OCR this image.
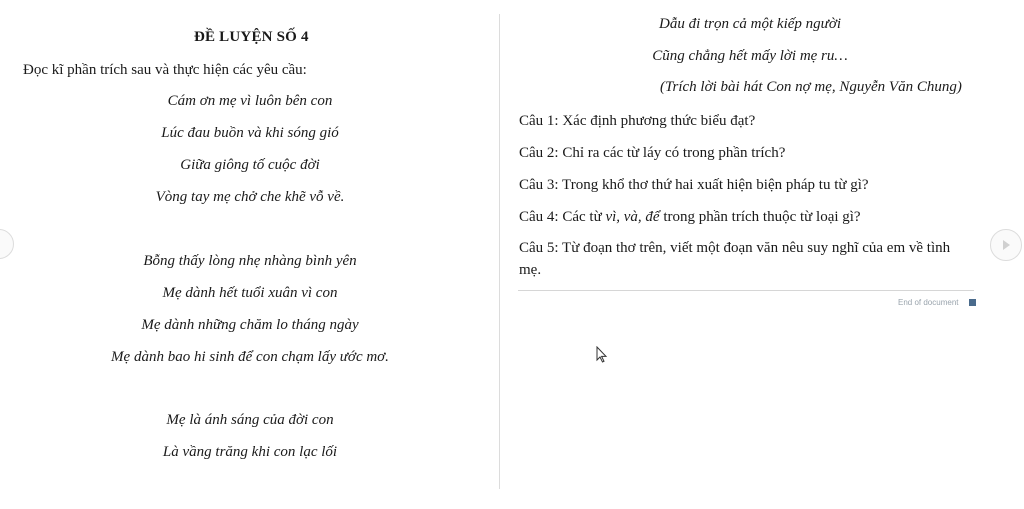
ĐỀ LUYỆN SỐ 4
Đọc kĩ phần trích sau và thực hiện các yêu cầu:
Cám ơn mẹ vì luôn bên con
Lúc đau buồn và khi sóng gió
Giữa giông tố cuộc đời
Vòng tay mẹ chở che khẽ vỗ về.
Bỗng thấy lòng nhẹ nhàng bình yên
Mẹ dành hết tuổi xuân vì con
Mẹ dành những chăm lo tháng ngày
Mẹ dành bao hi sinh để con chạm lấy ước mơ.
Mẹ là ánh sáng của đời con
Là vầng trăng khi con lạc lối
Dẫu đi trọn cả một kiếp người
Cũng chẳng hết mấy lời mẹ ru…
(Trích lời bài hát Con nợ mẹ, Nguyễn Văn Chung)
Câu 1: Xác định phương thức biểu đạt?
Câu 2: Chỉ ra các từ láy có trong phần trích?
Câu 3: Trong khổ thơ thứ hai xuất hiện biện pháp tu từ gì?
Câu 4: Các từ vì, và, để trong phần trích thuộc từ loại gì?
Câu 5: Từ đoạn thơ trên, viết một đoạn văn nêu suy nghĩ của em về tình
mẹ.
End of document
